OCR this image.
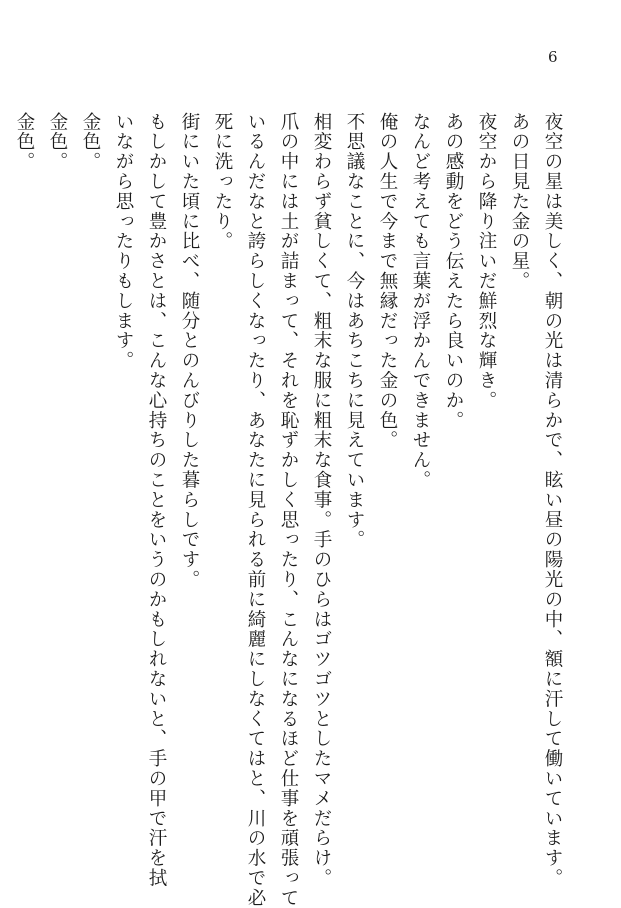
6
夜空の星は美しく、朝の光は清らかで、眩い昼の陽光の中、額に汗して働いています。
あの日見た金の星。
夜空から降り注いだ鮮烈な輝き。
あの感動をどう伝えたら良いのか。
なんど考えても言葉が浮かんできません。
俺の人生で今まで無縁だった金の色。
不思議なことに、今はあちこちに見えています。
相変わらず貧しくて、粗末な服に粗末な食事。手のひらはゴツゴツとしたマメだらけ。
爪の中には土が詰まって、それを恥ずかしく思ったり、こんなになるほど仕事を頑張って
いるんだなと誇らしくなったり、あなたに見られる前に綺麗にしなくてはと、川の水で必
死に洗ったり。
街にいた頃に比べ、随分とのんびりした暮らしです。
もしかして豊かさとは、こんな心持ちのことをいうのかもしれないと、手の甲で汗を拭
いながら思ったりもします。
金色。
金色。
金色。
